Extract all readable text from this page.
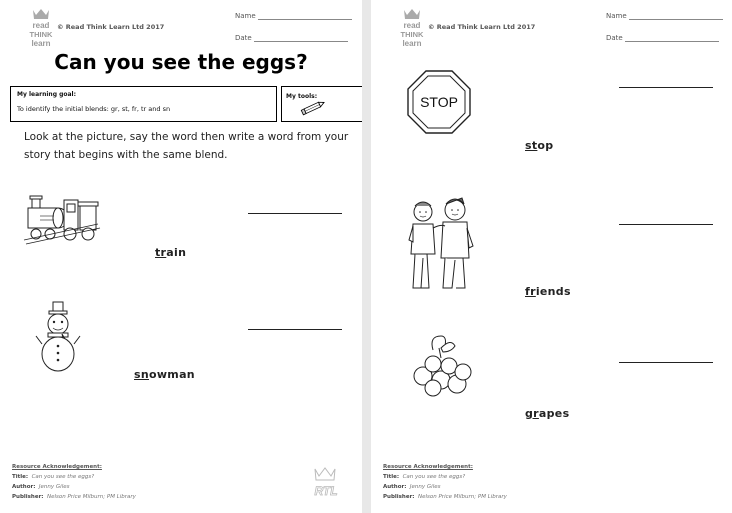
read
THINK
learn
© Read Think Learn Ltd 2017
Name
Date
Can you see the eggs?
My learning goal:
To identify the initial blends: gr, st, fr, tr and sn
My tools:
Look at the picture, say the word then write a word from your story that begins with the same blend.
train
snowman
Resource Acknowledgement:
Title: Can you see the eggs?
Author: Jenny Giles
Publisher: Nelson Price Milburn; PM Library	RTL
read
THINK
learn
© Read Think Learn Ltd 2017
Name
Date
STOP
stop
friends
grapes
Resource Acknowledgement:
Title: Can you see the eggs?
Author: Jenny Giles
Publisher: Nelson Price Milburn; PM Library
